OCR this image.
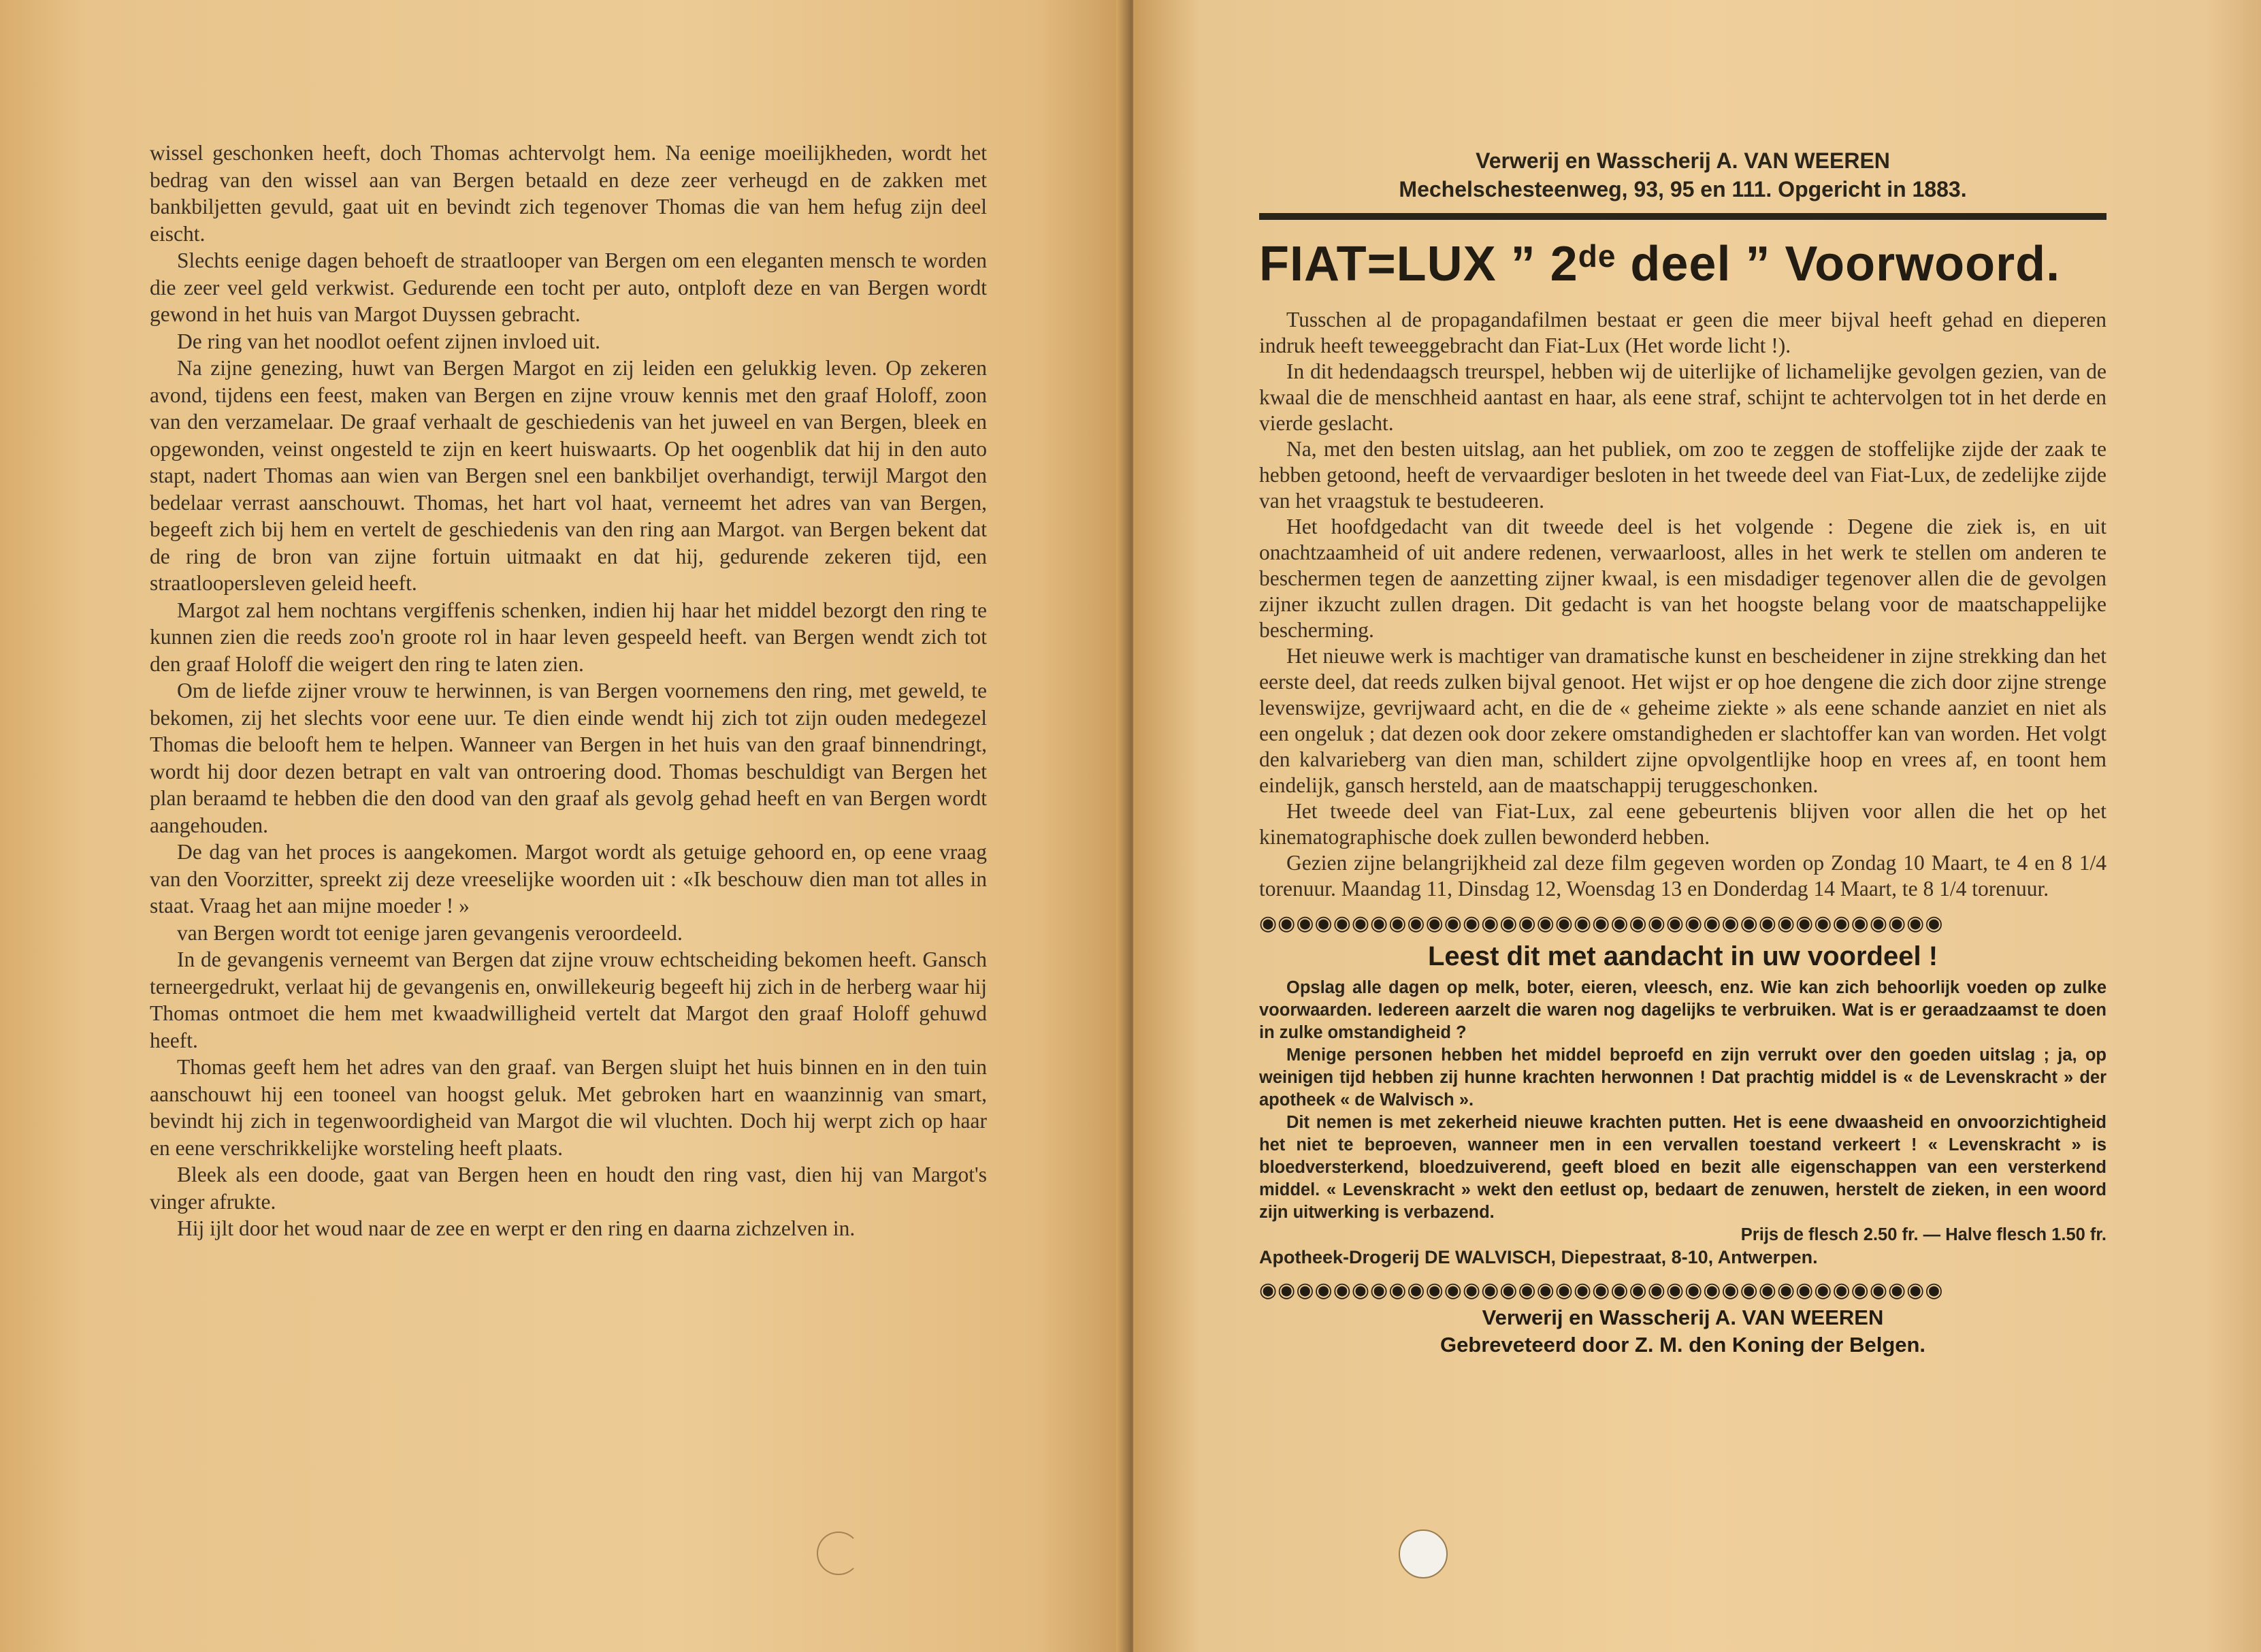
wissel geschonken heeft, doch Thomas achtervolgt hem. Na eenige moeilijkheden, wordt het bedrag van den wissel aan van Bergen betaald en deze zeer verheugd en de zakken met bankbiljetten gevuld, gaat uit en bevindt zich tegenover Thomas die van hem hefug zijn deel eischt.

Slechts eenige dagen behoeft de straatlooper van Bergen om een eleganten mensch te worden die zeer veel geld verkwist. Gedurende een tocht per auto, ontploft deze en van Bergen wordt gewond in het huis van Margot Duyssen gebracht.

De ring van het noodlot oefent zijnen invloed uit.

Na zijne genezing, huwt van Bergen Margot en zij leiden een gelukkig leven. Op zekeren avond, tijdens een feest, maken van Bergen en zijne vrouw kennis met den graaf Holoff, zoon van den verzamelaar. De graaf verhaalt de geschiedenis van het juweel en van Bergen, bleek en opgewonden, veinst ongesteld te zijn en keert huiswaarts. Op het oogenblik dat hij in den auto stapt, nadert Thomas aan wien van Bergen snel een bankbiljet overhandigt, terwijl Margot den bedelaar verrast aanschouwt. Thomas, het hart vol haat, verneemt het adres van van Bergen, begeeft zich bij hem en vertelt de geschiedenis van den ring aan Margot. van Bergen bekent dat de ring de bron van zijne fortuin uitmaakt en dat hij, gedurende zekeren tijd, een straatloopersleven geleid heeft.

Margot zal hem nochtans vergiffenis schenken, indien hij haar het middel bezorgt den ring te kunnen zien die reeds zoo'n groote rol in haar leven gespeeld heeft. van Bergen wendt zich tot den graaf Holoff die weigert den ring te laten zien.

Om de liefde zijner vrouw te herwinnen, is van Bergen voornemens den ring, met geweld, te bekomen, zij het slechts voor eene uur. Te dien einde wendt hij zich tot zijn ouden medegezel Thomas die belooft hem te helpen. Wanneer van Bergen in het huis van den graaf binnendringt, wordt hij door dezen betrapt en valt van ontroering dood. Thomas beschuldigt van Bergen het plan beraamd te hebben die den dood van den graaf als gevolg gehad heeft en van Bergen wordt aangehouden.

De dag van het proces is aangekomen. Margot wordt als getuige gehoord en, op eene vraag van den Voorzitter, spreekt zij deze vreeselijke woorden uit : «Ik beschouw dien man tot alles in staat. Vraag het aan mijne moeder ! »

van Bergen wordt tot eenige jaren gevangenis veroordeeld.

In de gevangenis verneemt van Bergen dat zijne vrouw echtscheiding bekomen heeft. Gansch terneergedrukt, verlaat hij de gevangenis en, onwillekeurig begeeft hij zich in de herberg waar hij Thomas ontmoet die hem met kwaadwilligheid vertelt dat Margot den graaf Holoff gehuwd heeft.

Thomas geeft hem het adres van den graaf. van Bergen sluipt het huis binnen en in den tuin aanschouwt hij een tooneel van hoogst geluk. Met gebroken hart en waanzinnig van smart, bevindt hij zich in tegenwoordigheid van Margot die wil vluchten. Doch hij werpt zich op haar en eene verschrikkelijke worsteling heeft plaats.

Bleek als een doode, gaat van Bergen heen en houdt den ring vast, dien hij van Margot's vinger afrukte.

Hij ijlt door het woud naar de zee en werpt er den ring en daarna zichzelven in.

Verwerij en Wasscherij A. VAN WEEREN
Mechelschesteenweg, 93, 95 en 111. Opgericht in 1883.
FIAT=LUX ” 2de deel ” Voorwoord.

Tusschen al de propagandafilmen bestaat er geen die meer bijval heeft gehad en dieperen indruk heeft teweeggebracht dan Fiat-Lux (Het worde licht !).

In dit hedendaagsch treurspel, hebben wij de uiterlijke of lichamelijke gevolgen gezien, van de kwaal die de menschheid aantast en haar, als eene straf, schijnt te achtervolgen tot in het derde en vierde geslacht.

Na, met den besten uitslag, aan het publiek, om zoo te zeggen de stoffelijke zijde der zaak te hebben getoond, heeft de vervaardiger besloten in het tweede deel van Fiat-Lux, de zedelijke zijde van het vraagstuk te bestudeeren.

Het hoofdgedacht van dit tweede deel is het volgende : Degene die ziek is, en uit onachtzaamheid of uit andere redenen, verwaarloost, alles in het werk te stellen om anderen te beschermen tegen de aanzetting zijner kwaal, is een misdadiger tegenover allen die de gevolgen zijner ikzucht zullen dragen. Dit gedacht is van het hoogste belang voor de maatschappelijke bescherming.

Het nieuwe werk is machtiger van dramatische kunst en bescheidener in zijne strekking dan het eerste deel, dat reeds zulken bijval genoot. Het wijst er op hoe dengene die zich door zijne strenge levenswijze, gevrijwaard acht, en die de « geheime ziekte » als eene schande aanziet en niet als een ongeluk ; dat dezen ook door zekere omstandigheden er slachtoffer kan van worden. Het volgt den kalvarieberg van dien man, schildert zijne opvolgentlijke hoop en vrees af, en toont hem eindelijk, gansch hersteld, aan de maatschappij teruggeschonken.

Het tweede deel van Fiat-Lux, zal eene gebeurtenis blijven voor allen die het op het kinematographische doek zullen bewonderd hebben.

Gezien zijne belangrijkheid zal deze film gegeven worden op Zondag 10 Maart, te 4 en 8 1/4 torenuur. Maandag 11, Dinsdag 12, Woensdag 13 en Donderdag 14 Maart, te 8 1/4 torenuur.

◉◉◉◉◉◉◉◉◉◉◉◉◉◉◉◉◉◉◉◉◉◉◉◉◉◉◉◉◉◉◉◉◉◉◉◉◉
Leest dit met aandacht in uw voordeel !

Opslag alle dagen op melk, boter, eieren, vleesch, enz. Wie kan zich behoorlijk voeden op zulke voorwaarden. Iedereen aarzelt die waren nog dagelijks te verbruiken. Wat is er geraadzaamst te doen in zulke omstandigheid ?

Menige personen hebben het middel beproefd en zijn verrukt over den goeden uitslag ; ja, op weinigen tijd hebben zij hunne krachten herwonnen ! Dat prachtig middel is « de Levenskracht » der apotheek « de Walvisch ».

Dit nemen is met zekerheid nieuwe krachten putten. Het is eene dwaasheid en onvoorzichtigheid het niet te beproeven, wanneer men in een vervallen toestand verkeert ! « Levenskracht » is bloedversterkend, bloedzuiverend, geeft bloed en bezit alle eigenschappen van een versterkend middel. « Levenskracht » wekt den eetlust op, bedaart de zenuwen, herstelt de zieken, in een woord zijn uitwerking is verbazend.

Prijs de flesch 2.50 fr. — Halve flesch 1.50 fr.

Apotheek-Drogerij DE WALVISCH, Diepestraat, 8-10, Antwerpen.

◉◉◉◉◉◉◉◉◉◉◉◉◉◉◉◉◉◉◉◉◉◉◉◉◉◉◉◉◉◉◉◉◉◉◉◉◉
Verwerij en Wasscherij A. VAN WEEREN
Gebreveteerd door Z. M. den Koning der Belgen.
